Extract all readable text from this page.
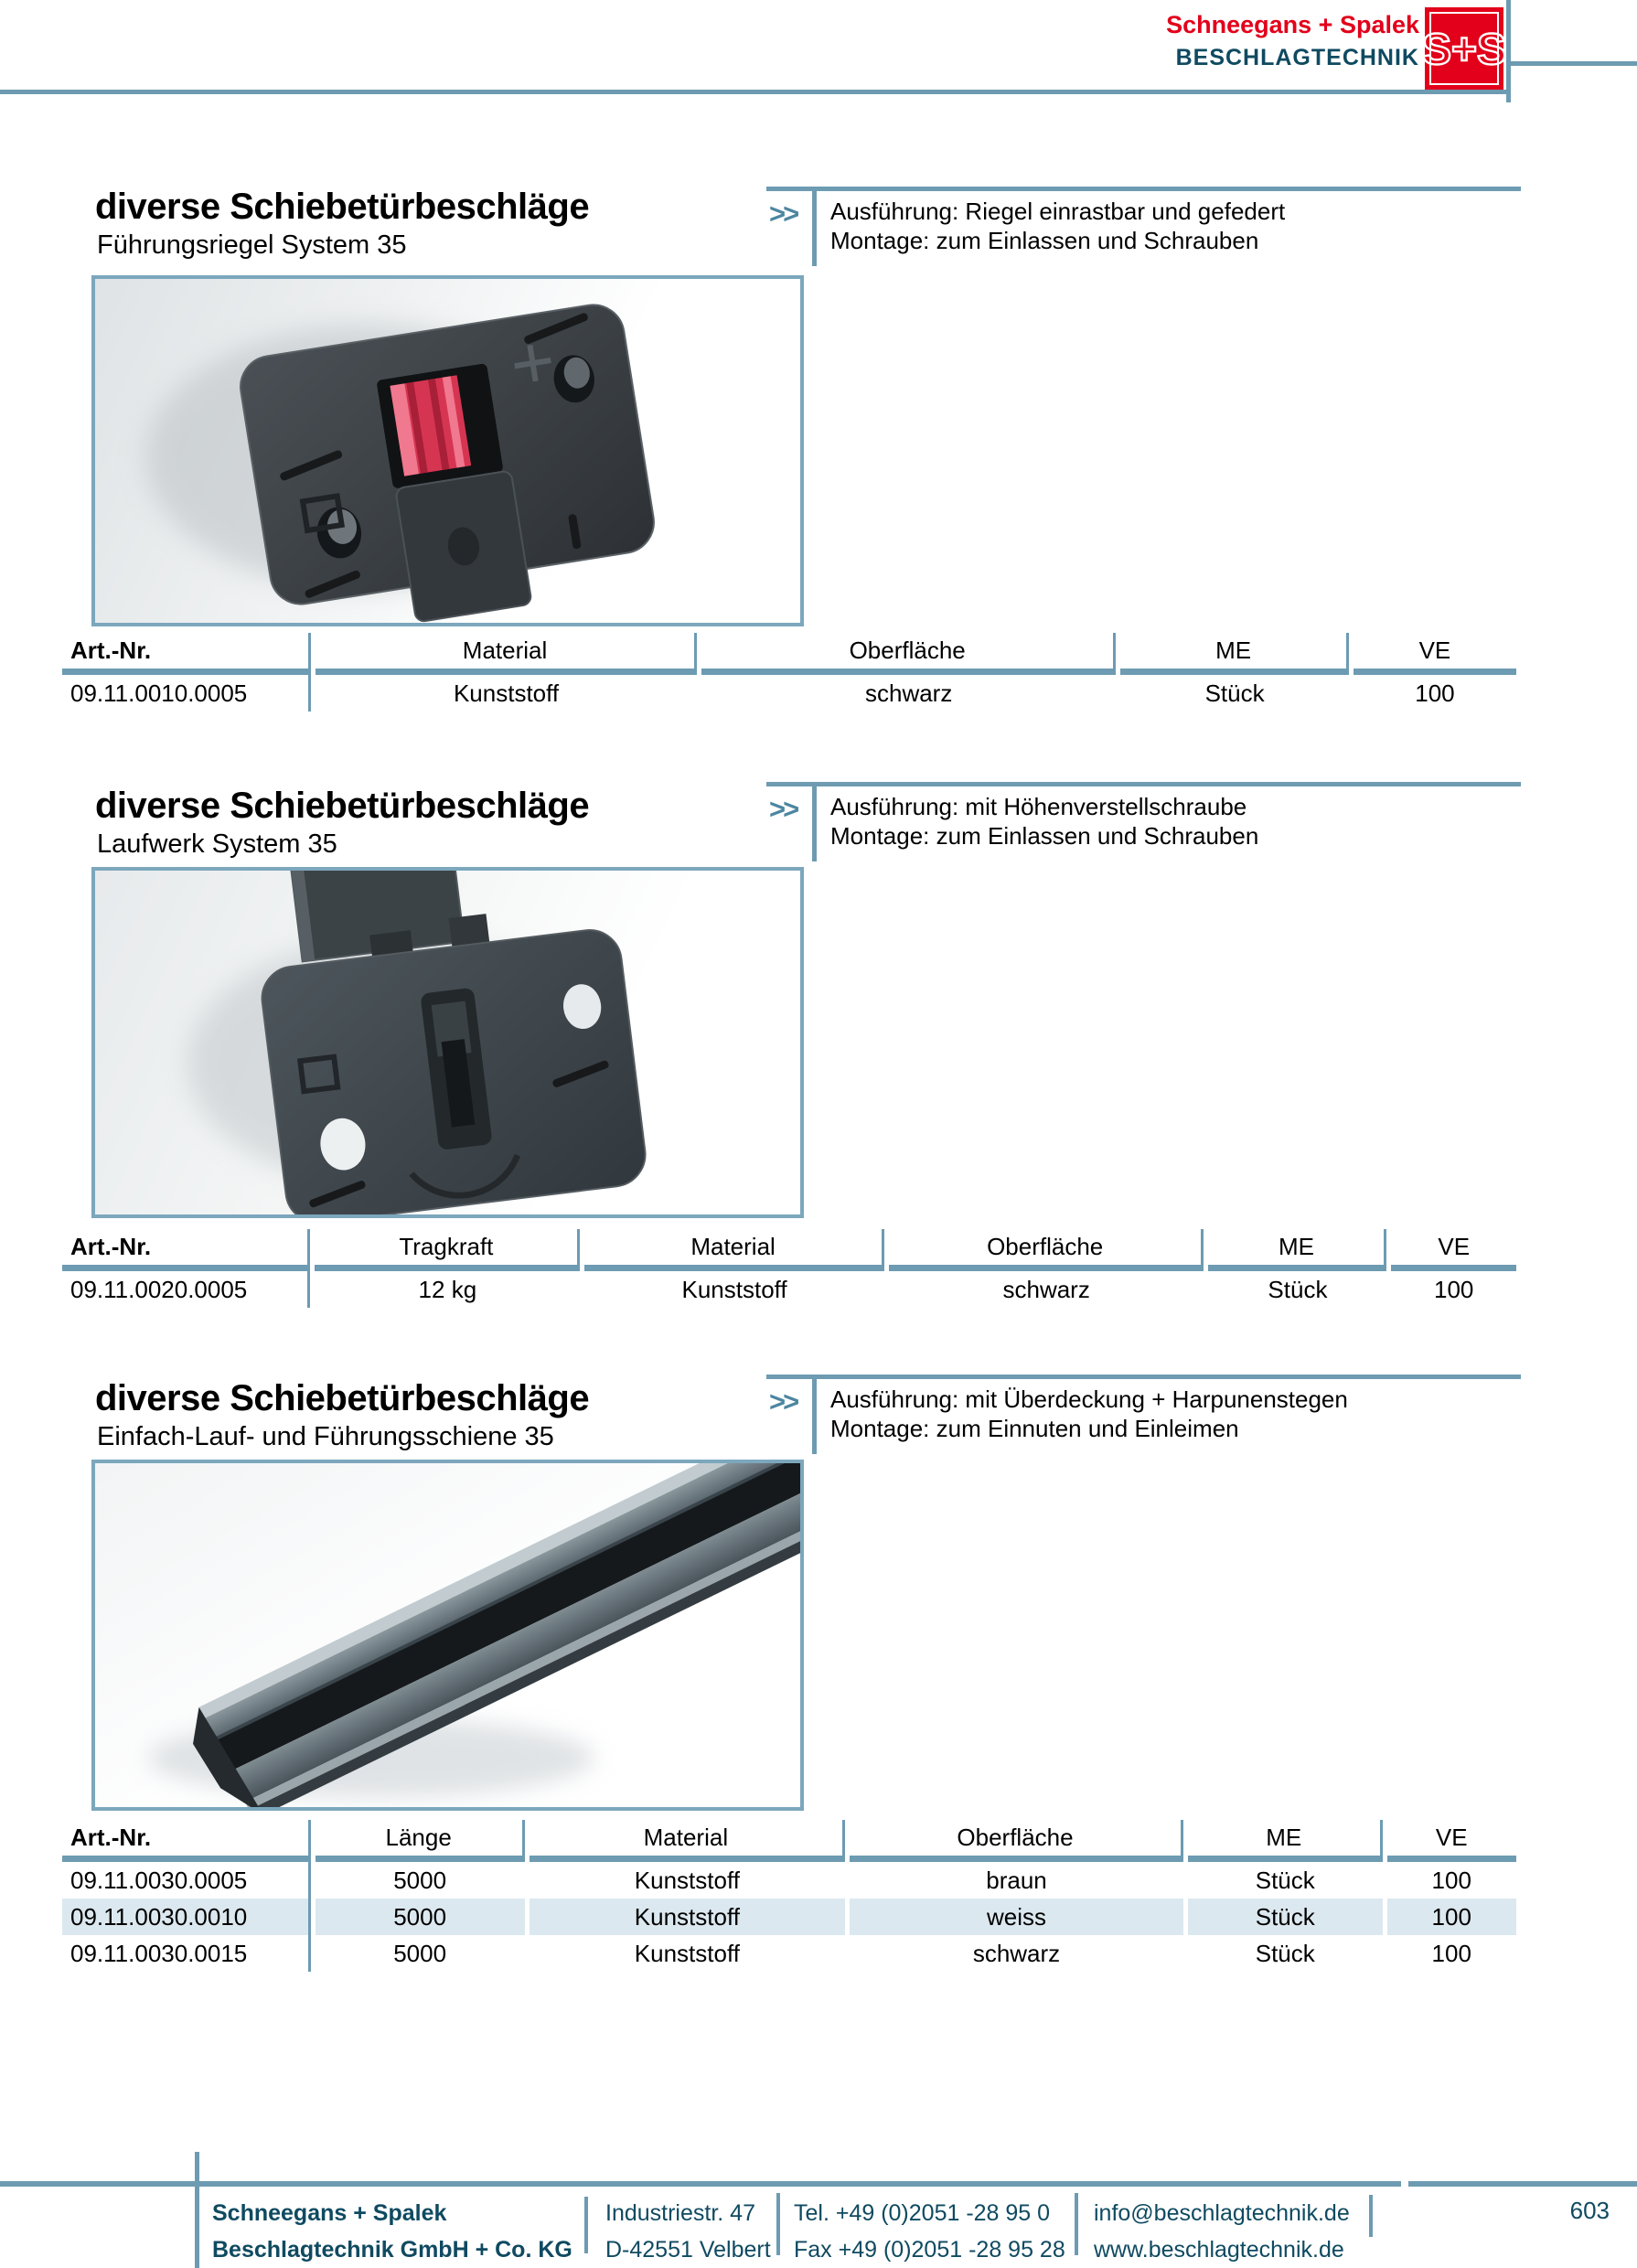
Schneegans + Spalek
BESCHLAGTECHNIK S+S
diverse Schiebetürbeschläge
Führungsriegel System 35
>>	Ausführung: Riegel einrastbar und gefedert
Montage: zum Einlassen und Schrauben
Art.-Nr.	Material	Oberfläche	ME	VE
09.11.0010.0005	Kunststoff	schwarz	Stück	100
diverse Schiebetürbeschläge
Laufwerk System 35
>>	Ausführung: mit Höhenverstellschraube
Montage: zum Einlassen und Schrauben
Art.-Nr.	Tragkraft	Material	Oberfläche	ME	VE
09.11.0020.0005	12 kg	Kunststoff	schwarz	Stück	100
diverse Schiebetürbeschläge
Einfach-Lauf- und Führungsschiene 35
>>	Ausführung: mit Überdeckung + Harpunenstegen
Montage: zum Einnuten und Einleimen
Art.-Nr.	Länge	Material	Oberfläche	ME	VE
09.11.0030.0005	5000	Kunststoff	braun	Stück	100
09.11.0030.0010	5000	Kunststoff	weiss	Stück	100
09.11.0030.0015	5000	Kunststoff	schwarz	Stück	100
Schneegans + Spalek
Beschlagtechnik GmbH + Co. KG
Industriestr. 47
D-42551 Velbert
Tel. +49 (0)2051 -28 95 0
Fax +49 (0)2051 -28 95 28
info@beschlagtechnik.de
www.beschlagtechnik.de
603
